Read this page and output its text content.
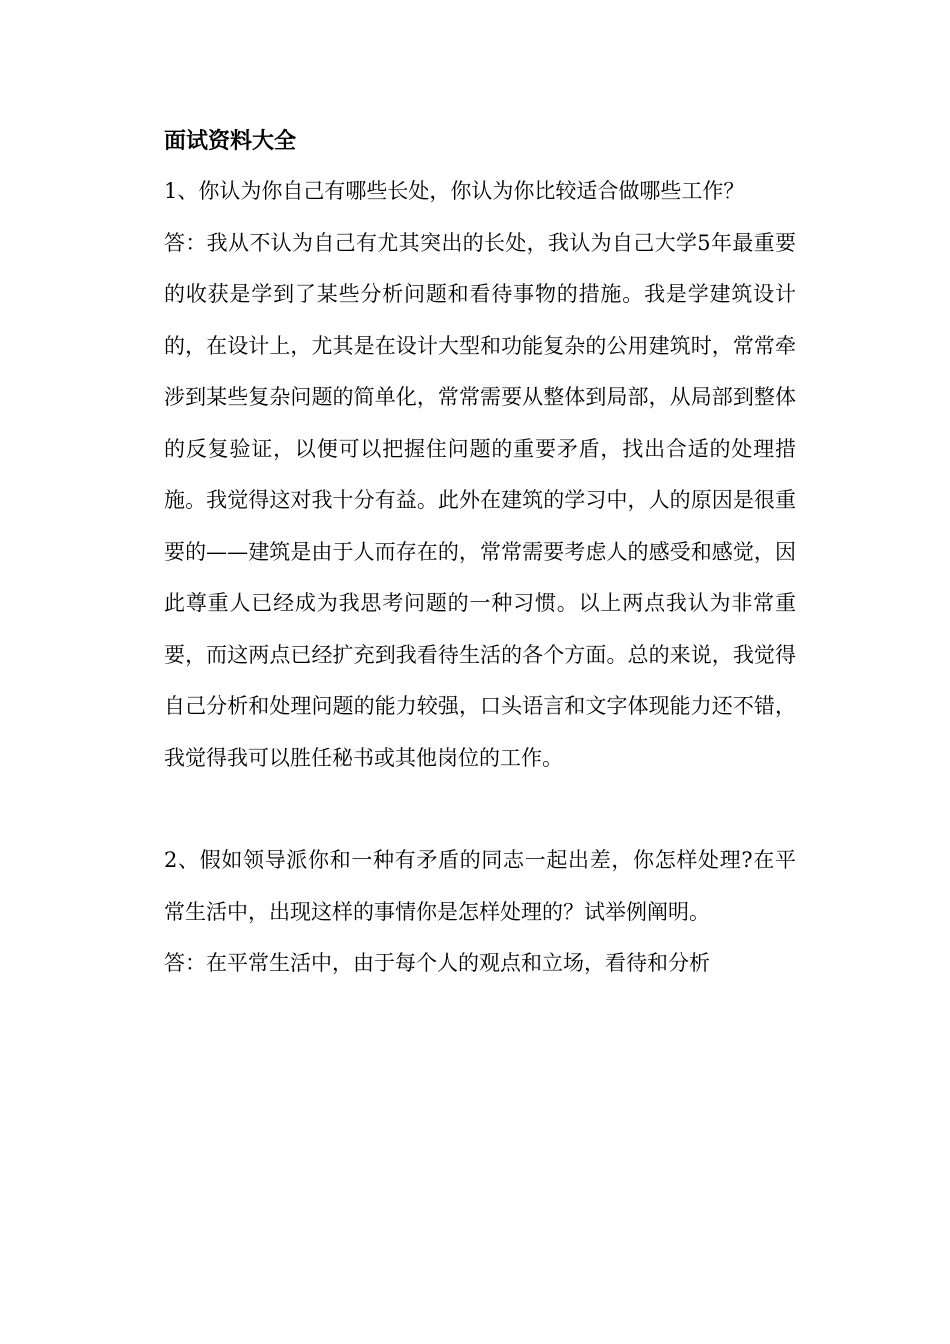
面试资料大全

1、你认为你自己有哪些长处，你认为你比较适合做哪些工作？

答：我从不认为自己有尤其突出的长处，我认为自己大学5年最重要的收获是学到了某些分析问题和看待事物的措施。我是学建筑设计的，在设计上，尤其是在设计大型和功能复杂的公用建筑时，常常牵涉到某些复杂问题的简单化，常常需要从整体到局部，从局部到整体的反复验证，以便可以把握住问题的重要矛盾，找出合适的处理措施。我觉得这对我十分有益。此外在建筑的学习中，人的原因是很重要的——建筑是由于人而存在的，常常需要考虑人的感受和感觉，因此尊重人已经成为我思考问题的一种习惯。以上两点我认为非常重要，而这两点已经扩充到我看待生活的各个方面。总的来说，我觉得自己分析和处理问题的能力较强，口头语言和文字体现能力还不错，我觉得我可以胜任秘书或其他岗位的工作。

2、假如领导派你和一种有矛盾的同志一起出差，你怎样处理?在平常生活中，出现这样的事情你是怎样处理的？试举例阐明。

答：在平常生活中，由于每个人的观点和立场，看待和分析
